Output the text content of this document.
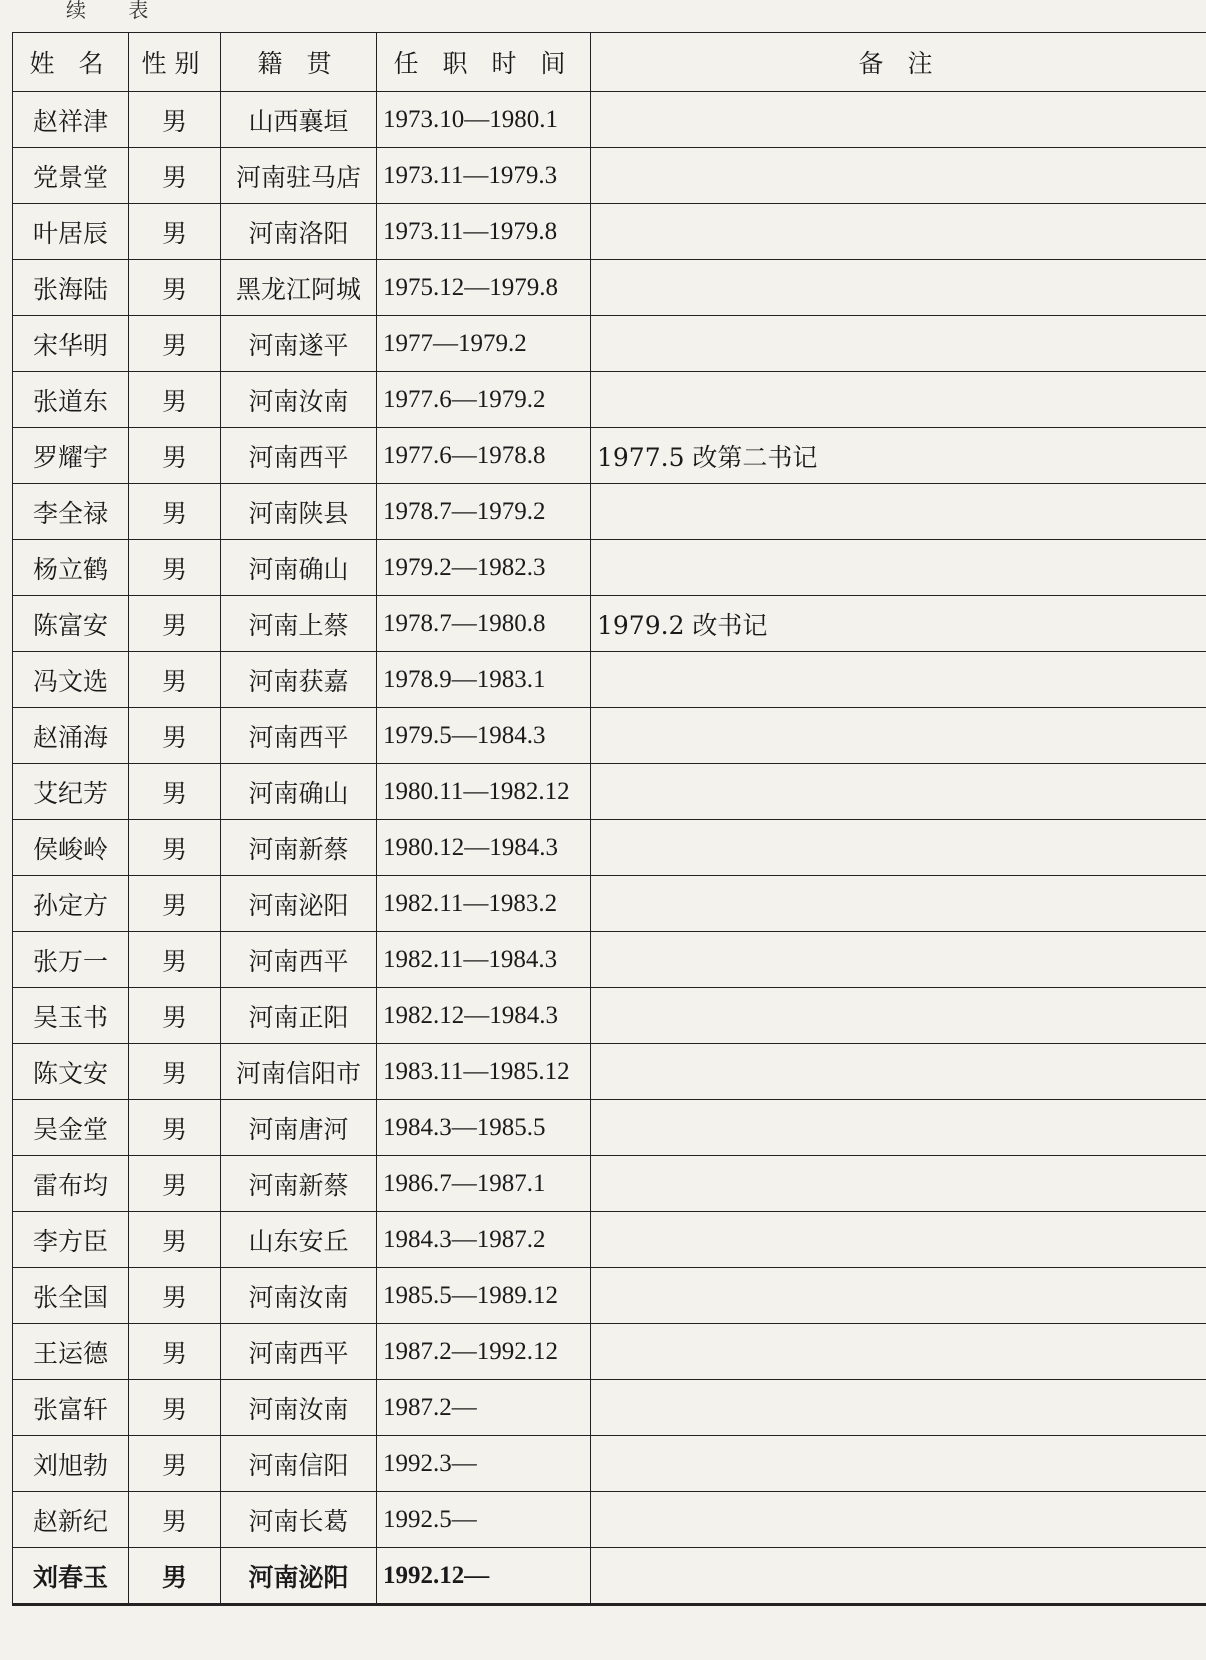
续 表
姓 名	性别	籍 贯	任 职 时 间	备 注
赵祥津	男	山西襄垣	1973.10—1980.1	
党景堂	男	河南驻马店	1973.11—1979.3	
叶居辰	男	河南洛阳	1973.11—1979.8	
张海陆	男	黑龙江阿城	1975.12—1979.8	
宋华明	男	河南遂平	1977—1979.2	
张道东	男	河南汝南	1977.6—1979.2	
罗耀宇	男	河南西平	1977.6—1978.8	1977.5 改第二书记
李全禄	男	河南陕县	1978.7—1979.2	
杨立鹤	男	河南确山	1979.2—1982.3	
陈富安	男	河南上蔡	1978.7—1980.8	1979.2 改书记
冯文选	男	河南获嘉	1978.9—1983.1	
赵涌海	男	河南西平	1979.5—1984.3	
艾纪芳	男	河南确山	1980.11—1982.12	
侯峻岭	男	河南新蔡	1980.12—1984.3	
孙定方	男	河南泌阳	1982.11—1983.2	
张万一	男	河南西平	1982.11—1984.3	
吴玉书	男	河南正阳	1982.12—1984.3	
陈文安	男	河南信阳市	1983.11—1985.12	
吴金堂	男	河南唐河	1984.3—1985.5	
雷布均	男	河南新蔡	1986.7—1987.1	
李方臣	男	山东安丘	1984.3—1987.2	
张全国	男	河南汝南	1985.5—1989.12	
王运德	男	河南西平	1987.2—1992.12	
张富轩	男	河南汝南	1987.2—	
刘旭勃	男	河南信阳	1992.3—	
赵新纪	男	河南长葛	1992.5—	
刘春玉	男	河南泌阳	1992.12—	
